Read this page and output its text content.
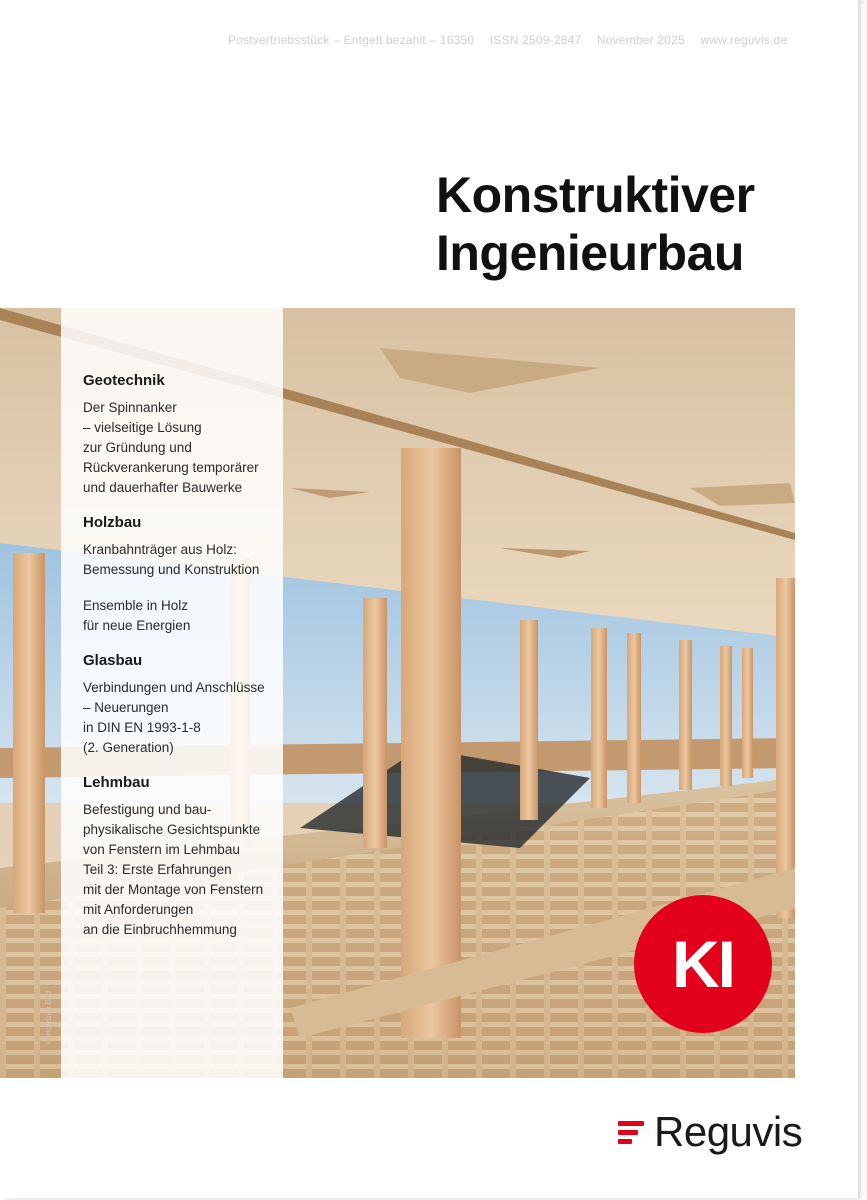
Postvertriebsstück – Entgelt bezahlt – 16350 ISSN 2509-2847 November 2025 www.reguvis.de
Konstruktiver
Ingenieurbau
Geotechnik
Der Spinnanker
– vielseitige Lösung
zur Gründung und
Rückverankerung temporärer
und dauerhafter Bauwerke
Holzbau
Kranbahnträger aus Holz:
Bemessung und Konstruktion
Ensemble in Holz
für neue Energien
Glasbau
Verbindungen und Anschlüsse
– Neuerungen
in DIN EN 1993-1-8
(2. Generation)
Lehmbau
Befestigung und bau-
physikalische Gesichtspunkte
von Fenstern im Lehmbau
Teil 3: Erste Erfahrungen
mit der Montage von Fenstern
mit Anforderungen
an die Einbruchhemmung
© Holzbau Bild
KI
Reguvis
